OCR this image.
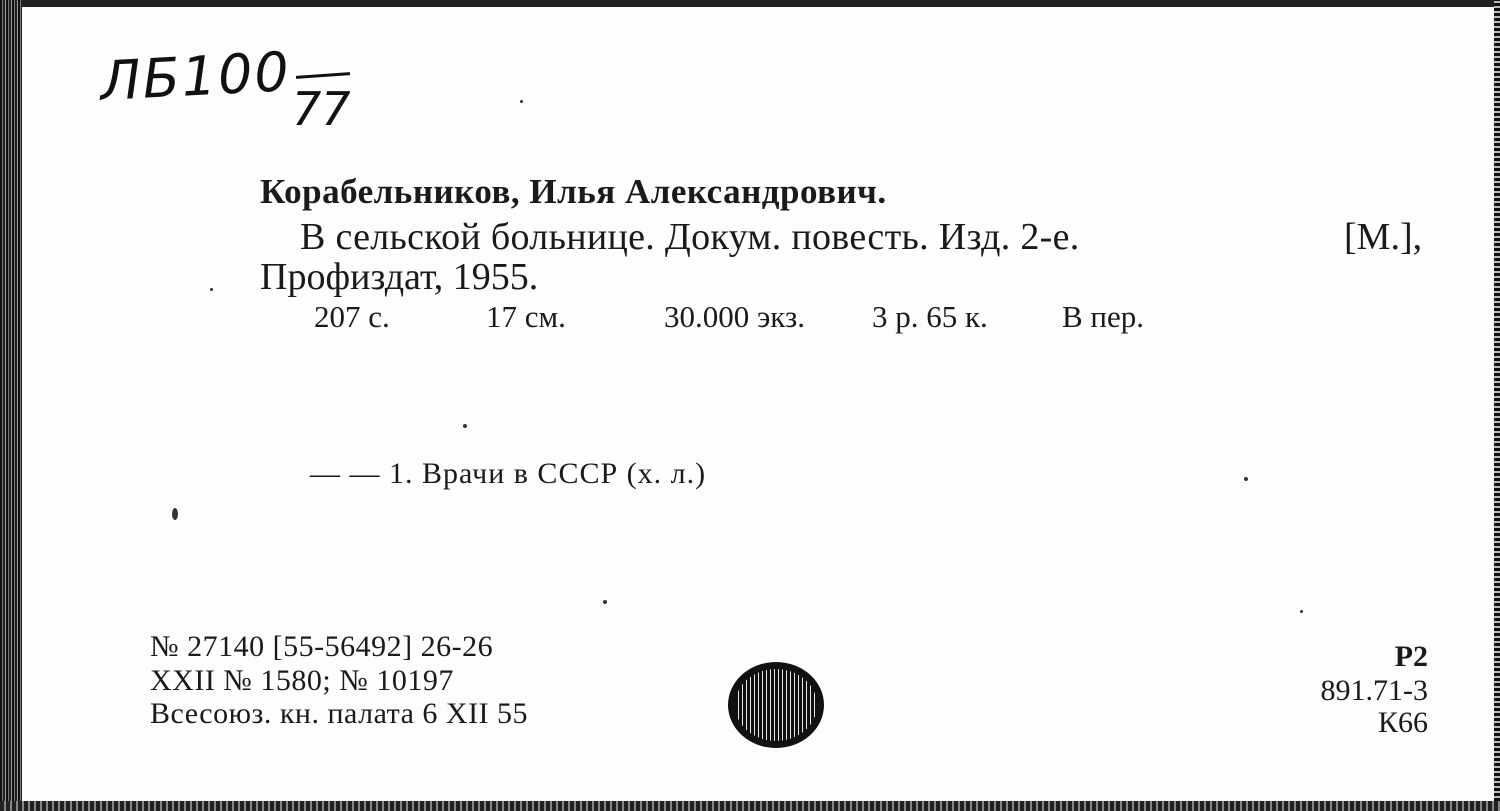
ЛБ100 77
Корабельников, Илья Александрович.
В сельской больнице. Докум. повесть. Изд. 2-е.	[М.],
Профиздат, 1955.
207 с.	17 см.	30.000 экз. 3 р. 65 к. В пер.
— — 1. Врачи в СССР (х. л.)
№ 27140 [55-56492] 26-26
XXII № 1580; № 10197
Всесоюз. кн. палата 6 XII 55
Р2
891.71-3
К66
